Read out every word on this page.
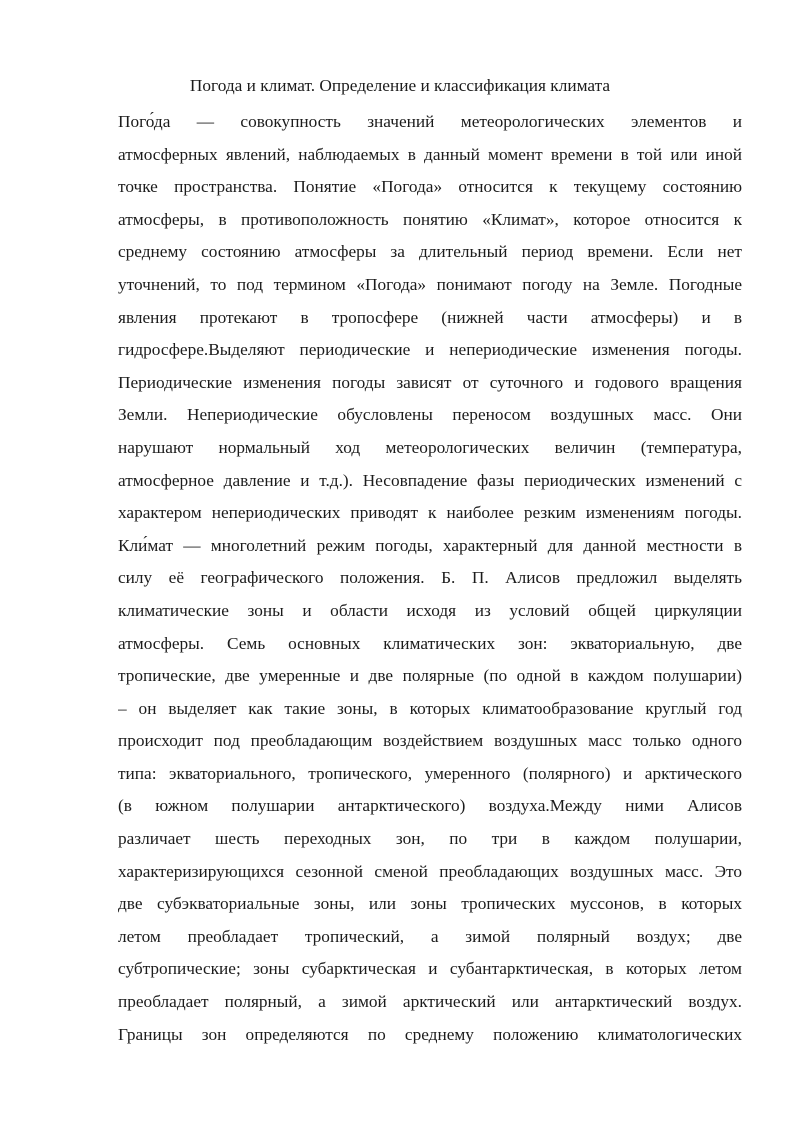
Погода и климат. Определение и классификация климата
Пого́да — совокупность значений метеорологических элементов и
атмосферных явлений, наблюдаемых в данный момент времени в той или иной
точке пространства. Понятие «Погода» относится к текущему состоянию
атмосферы, в противоположность понятию «Климат», которое относится к
среднему состоянию атмосферы за длительный период времени. Если нет
уточнений, то под термином «Погода» понимают погоду на Земле. Погодные
явления протекают в тропосфере (нижней части атмосферы) и в
гидросфере.Выделяют периодические и непериодические изменения погоды.
Периодические изменения погоды зависят от суточного и годового вращения
Земли. Непериодические обусловлены переносом воздушных масс. Они
нарушают нормальный ход метеорологических величин (температура,
атмосферное давление и т.д.). Несовпадение фазы периодических изменений с
характером непериодических приводят к наиболее резким изменениям погоды.
Кли́мат — многолетний режим погоды, характерный для данной местности в
силу её географического положения. Б. П. Алисов предложил выделять
климатические зоны и области исходя из условий общей циркуляции
атмосферы. Семь основных климатических зон: экваториальную, две
тропические, две умеренные и две полярные (по одной в каждом полушарии)
– он выделяет как такие зоны, в которых климатообразование круглый год
происходит под преобладающим воздействием воздушных масс только одного
типа: экваториального, тропического, умеренного (полярного) и арктического
(в южном полушарии антарктического) воздуха.Между ними Алисов
различает шесть переходных зон, по три в каждом полушарии,
характеризирующихся сезонной сменой преобладающих воздушных масс. Это
две субэкваториальные зоны, или зоны тропических муссонов, в которых
летом преобладает тропический, а зимой полярный воздух; две
субтропические; зоны субарктическая и субантарктическая, в которых летом
преобладает полярный, а зимой арктический или антарктический воздух.
Границы зон определяются по среднему положению климатологических
